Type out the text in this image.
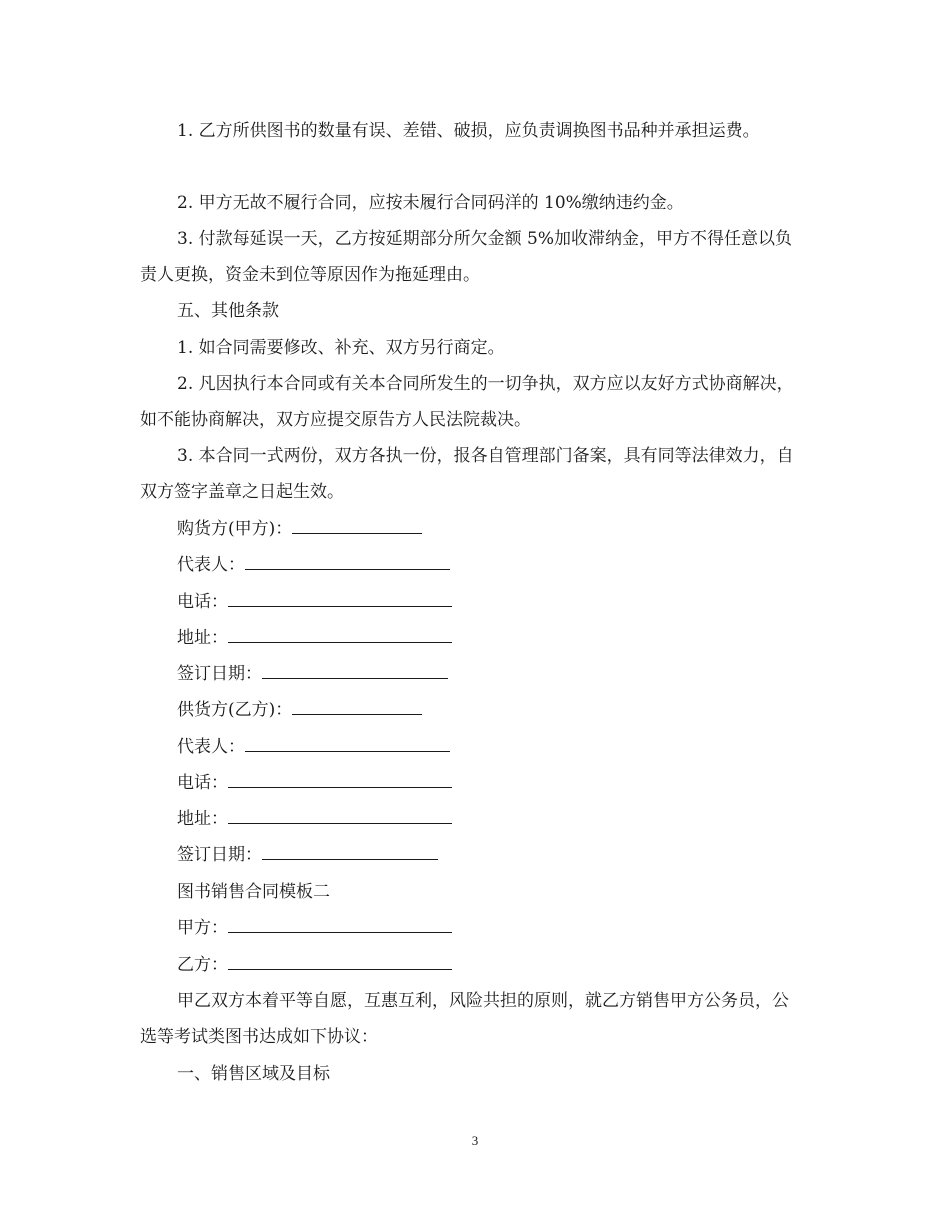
1. 乙方所供图书的数量有误、差错、破损，应负责调换图书品种并承担运费。
2. 甲方无故不履行合同，应按未履行合同码洋的 10%缴纳违约金。
3. 付款每延误一天，乙方按延期部分所欠金额 5%加收滞纳金，甲方不得任意以负责人更换，资金未到位等原因作为拖延理由。
五、其他条款
1. 如合同需要修改、补充、双方另行商定。
2. 凡因执行本合同或有关本合同所发生的一切争执，双方应以友好方式协商解决，如不能协商解决，双方应提交原告方人民法院裁决。
3. 本合同一式两份，双方各执一份，报各自管理部门备案，具有同等法律效力，自双方签字盖章之日起生效。
购货方(甲方)：
代表人：
电话：
地址：
签订日期：
供货方(乙方)：
代表人：
电话：
地址：
签订日期：
图书销售合同模板二
甲方：
乙方：
甲乙双方本着平等自愿，互惠互利，风险共担的原则，就乙方销售甲方公务员，公选等考试类图书达成如下协议：
一、销售区域及目标
3
